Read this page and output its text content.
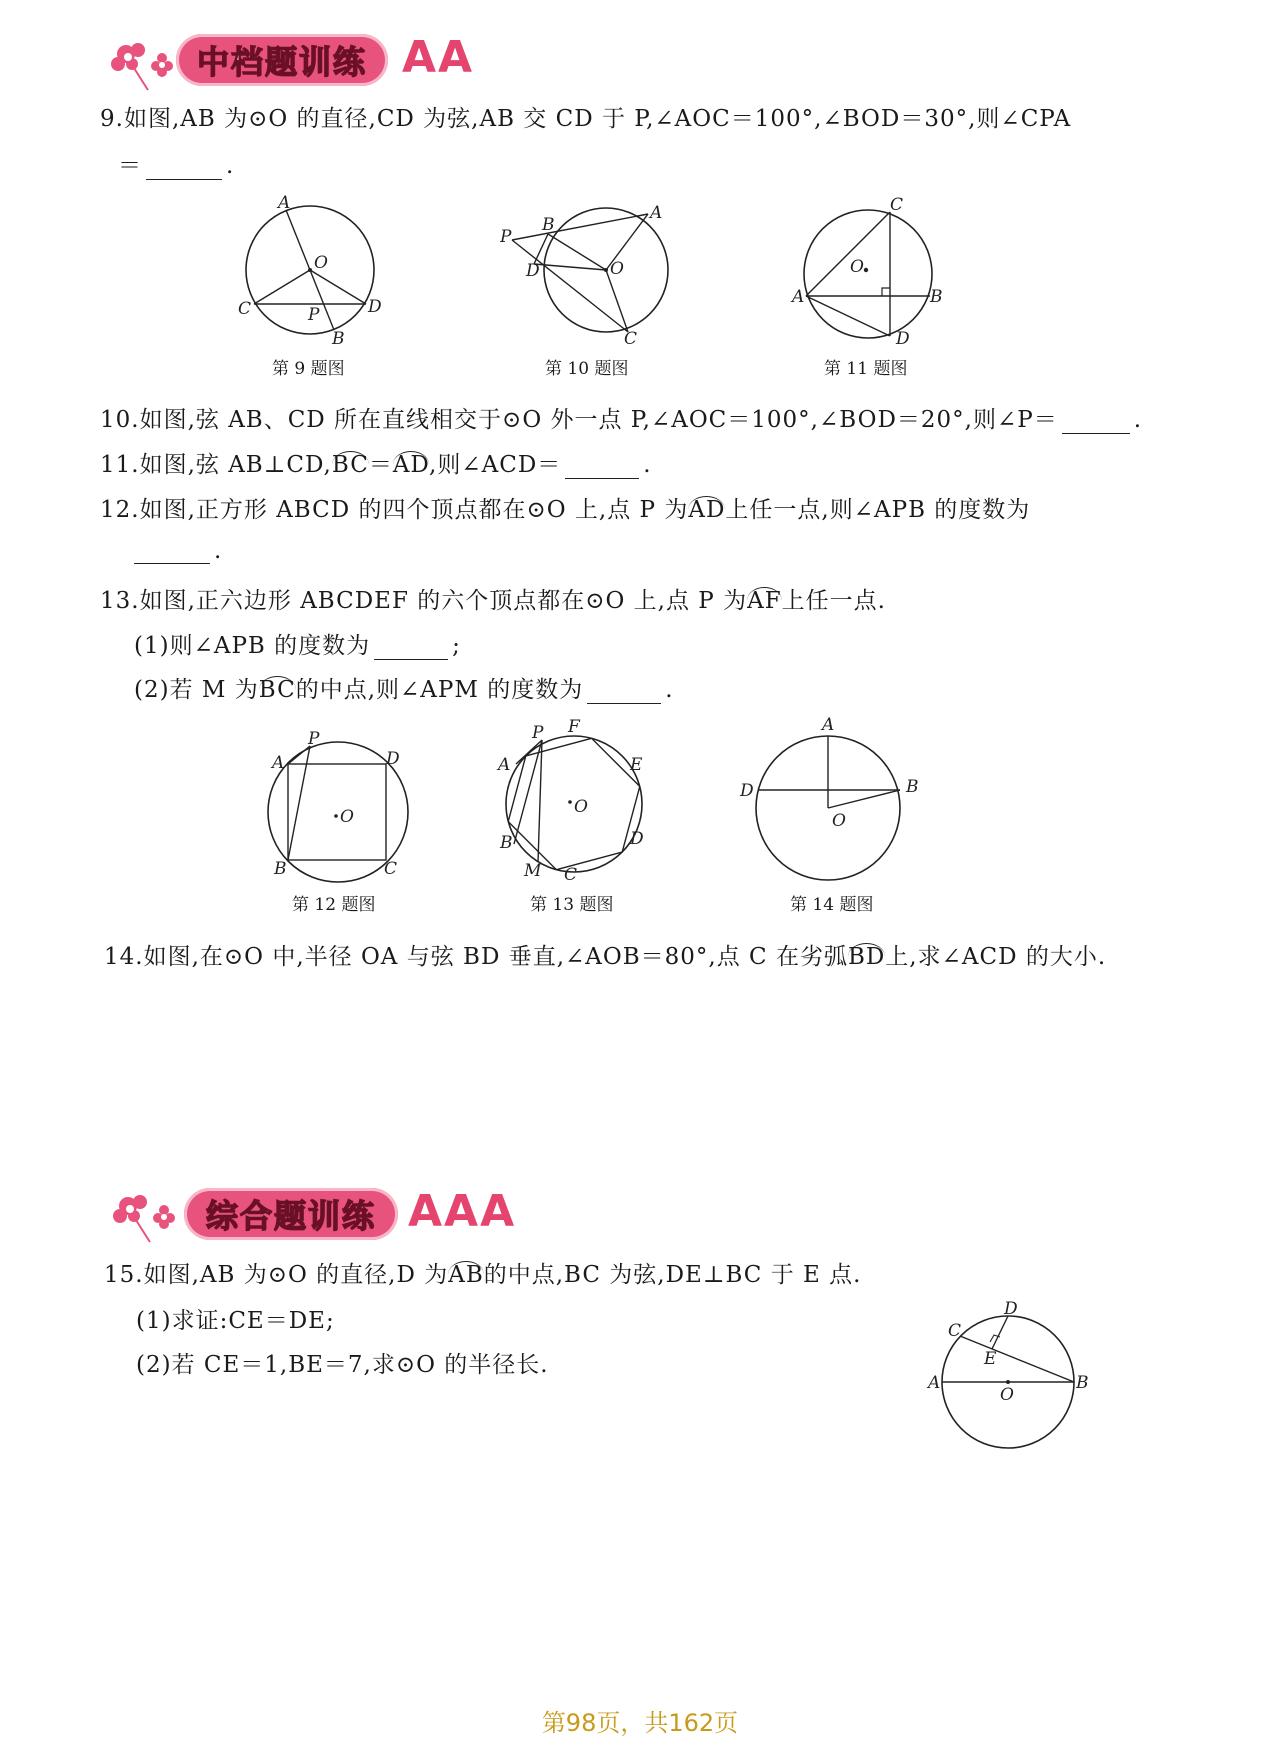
中档题训练 AA
9.如图,AB 为⊙O 的直径,CD 为弦,AB 交 CD 于 P,∠AOC＝100°,∠BOD＝30°,则∠CPA
＝	.
A
O
C	P	D
B
第 9 题图
P
B
A
D	O
C
第 10 题图
C
O
A	B
D
第 11 题图
10.如图,弦 AB、CD 所在直线相交于⊙O 外一点 P,∠AOC＝100°,∠BOD＝20°,则∠P＝	.
11.如图,弦 AB⊥CD,BC＝AD,则∠ACD＝	.
12.如图,正方形 ABCD 的四个顶点都在⊙O 上,点 P 为AD上任一点,则∠APB 的度数为
.
13.如图,正六边形 ABCDEF 的六个顶点都在⊙O 上,点 P 为AF上任一点.
(1)则∠APB 的度数为	;
(2)若 M 为BC的中点,则∠APM 的度数为	.
A
P
D
O
B	C
第 12 题图
P F
A	E
O
B	D
M C
第 13 题图
A
D	B
O
第 14 题图
14.如图,在⊙O 中,半径 OA 与弦 BD 垂直,∠AOB＝80°,点 C 在劣弧BD上,求∠ACD 的大小.
综合题训练 AAA
15.如图,AB 为⊙O 的直径,D 为AB的中点,BC 为弦,DE⊥BC 于 E 点.
(1)求证:CE＝DE;
(2)若 CE＝1,BE＝7,求⊙O 的半径长.
D
C
E
A
O
B
第98页，共162页
